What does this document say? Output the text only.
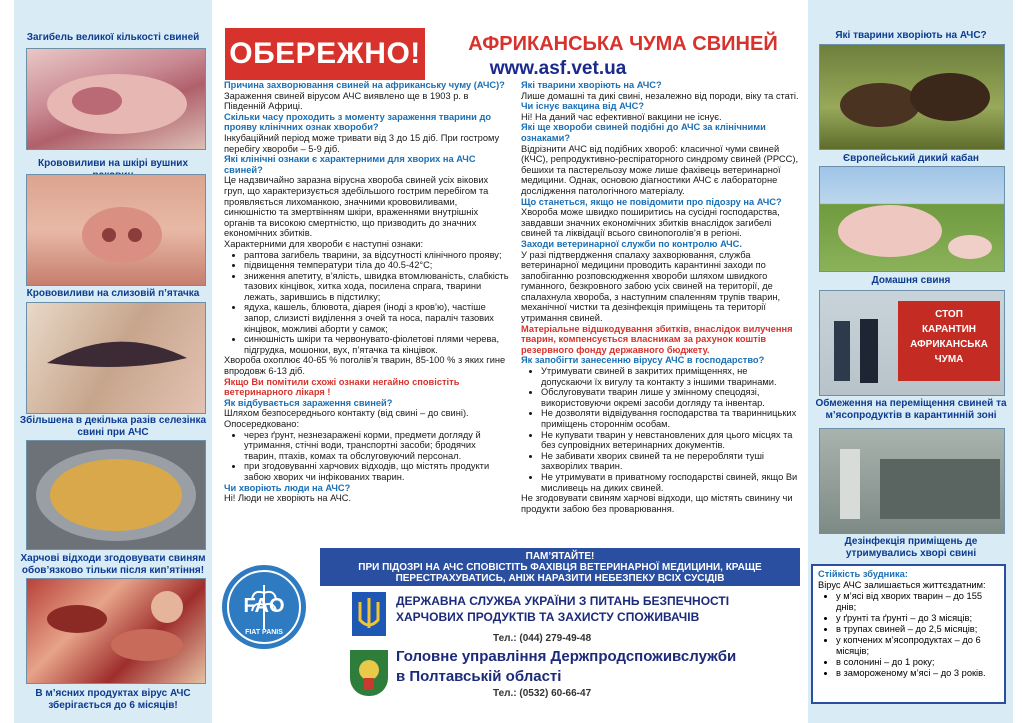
Загибель великої кількості свиней
Крововиливи на шкірі вушних
Крововиливи на слизовій п’ятачка
Збільшена в декілька разів селезінка свині при АЧС
Харчові відходи згодовувати свиням обов’язково тільки після кип’ятіння!
В м’ясних продуктах вірус АЧС зберігається до 6 місяців!
ОБЕРЕЖНО!	АФРИКАНСЬКА ЧУМА СВИНЕЙ
www.asf.vet.ua
Причина захворювання свиней на африканську чуму (АЧС)?
Зараження свиней вірусом АЧС виявлено ще в 1903 р. в Південній Африці.
Скільки часу проходить з моменту зараження тварини до прояву клінічних ознак хвороби?
Інкубаційний період може тривати від 3 до 15 діб. При гострому перебігу хвороби – 5-9 діб.
Які клінічні ознаки є характерними для хворих на АЧС свиней?
Це надзвичайно заразна вірусна хвороба свиней усіх вікових груп, що характеризується здебільшого гострим перебігом та проявляється лихоманкою, значними крововиливами, синюшністю та змертвінням шкіри, враженнями внутрішніх органів та високою смертністю, що призводить до значних економічних збитків.
Характерними для хвороби є наступні ознаки:
• раптова загибель тварини, за відсутності клінічного прояву;
• підвищення температури тіла до 40.5-42°С;
• зниження апетиту, в’ялість, швидка втомлюваність, слабкість тазових кінцівок, хитка хода, посилена спрага, тварини лежать, зарившись в підстилку;
• ядуха, кашель, блювота, діарея (іноді з кров’ю), частіше запор, слизисті виділення з очей та носа, параліч тазових кінцівок, можливі аборти у самок;
• синюшність шкіри та червонувато-фіолетові плями черева, підгрудка, мошонки, вух, п’ятачка та кінцівок.
Хвороба охоплює 40-65 % поголів’я тварин, 85-100 % з яких гине впродовж 6-13 діб.
Якщо Ви помітили схожі ознаки негайно сповістіть ветеринарного лікаря !
Як відбувається зараження свиней?
Шляхом безпосереднього контакту (від свині – до свині). Опосередковано:
• через ґрунт, незнезаражені корми, предмети догляду й утримання, стічні води, транспортні засоби; бродячих тварин, птахів, комах та обслуговуючий персонал.
• при згодовуванні харчових відходів, що містять продукти забою хворих чи інфікованих тварин.
Чи хворіють люди на АЧС?
Ні! Люди не хворіють на АЧС.
Які тварини хворіють на АЧС?
Лише домашні та дикі свині, незалежно від породи, віку та статі.
Чи існує вакцина від АЧС?
Ні! На даний час ефективної вакцини не існує.
Які ще хвороби свиней подібні до АЧС за клінічними ознаками?
Відрізнити АЧС від подібних хвороб: класичної чуми свиней (КЧС), репродуктивно-респіраторного синдрому свиней (РРСС), бешихи та пастерельозу може лише фахівець ветеринарної медицини. Однак, основою діагностики АЧС є лабораторне дослідження патологічного матеріалу.
Що станеться, якщо не повідомити про підозру на АЧС?
Хвороба може швидко поширитись на сусідні господарства, завдавши значних економічних збитків внаслідок загибелі свиней та ліквідації всього свинопоголів’я в регіоні.
Заходи ветеринарної служби по контролю АЧС.
У разі підтвердження спалаху захворювання, служба ветеринарної медицини проводить карантинні заходи по запобіганню розповсюдження хвороби шляхом швидкого гуманного, безкровного забою усіх свиней на території, де спалахнула хвороба, з наступним спаленням трупів тварин, механічної чистки та дезінфекція приміщень та території утримання свиней.
Матеріальне відшкодування збитків, внаслідок вилучення тварин, компенсується власникам за рахунок коштів резервного фонду державного бюджету.
Як запобігти занесенню вірусу АЧС в господарство?
• Утримувати свиней в закритих приміщеннях, не допускаючи їх вигулу та контакту з іншими тваринами.
• Обслуговувати тварин лише у змінному спецодязі, використовуючи окремі засоби догляду та інвентар.
• Не дозволяти відвідування господарства та тваринницьких приміщень стороннім особам.
• Не купувати тварин у невстановлених для цього місцях та без супровідних ветеринарних документів.
• Не забивати хворих свиней та не переробляти туші захворілих тварин.
• Не утримувати в приватному господарстві свиней, якщо Ви мисливець на диких свиней.
Не згодовувати свиням харчові відходи, що містять свинину чи продукти забою без проварювання.
Які тварини хворіють на АЧС?
Європейський дикий кабан
Домашня свиня
СТОП
КАРАНТИН
АФРИКАНСЬКА
ЧУМА
Обмеження на переміщення свиней та м’ясопродуктів в карантинній зоні
Дезінфекція приміщень де утримувались хворі свині
ПАМ’ЯТАЙТЕ!
ПРИ ПІДОЗРІ НА АЧС СПОВІСТІТЬ ФАХІВЦЯ ВЕТЕРИНАРНОЇ МЕДИЦИНИ, КРАЩЕ ПЕРЕСТРАХУВАТИСЬ, АНІЖ НАРАЗИТИ НЕБЕЗПЕКУ ВСІХ СУСІДІВ
FAO
FIAT PANIS
ДЕРЖАВНА СЛУЖБА УКРАЇНИ З ПИТАНЬ БЕЗПЕЧНОСТІ
ХАРЧОВИХ ПРОДУКТІВ ТА ЗАХИСТУ СПОЖИВАЧІВ
Тел.: (044) 279-49-48
Головне управління Держпродспоживслужби
в Полтавській області
Тел.: (0532) 60-66-47
Стійкість збудника:
Вірус АЧС залишається життєздатним:
• у м’ясі від хворих тварин – до 155 днів;
• у ґрунті та ґрунті – до 3 місяців;
• в трупах свиней – до 2,5 місяців;
• у копчених м’ясопродуктах – до 6 місяців;
• в солонині – до 1 року;
• в замороженому м’ясі – до 3 років.
